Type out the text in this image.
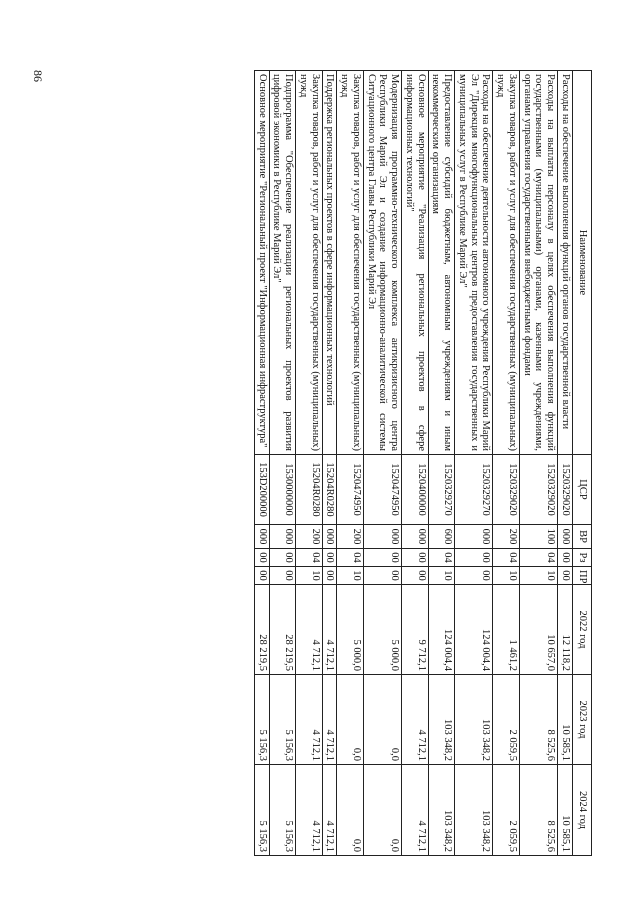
86
Наименование	ЦСР	ВР	Рз	ПР	2022 год	2023 год	2024 год
Расходы на обеспечение выполнения функций органов государственной власти	1520329020	000	00	00	12 118,2	10 585,1	10 585,1
Расходы на выплаты персоналу в целях обеспечения выполнения функций государственными (муниципальными) органами, казенными учреждениями, органами управления государственными внебюджетными фондами	1520329020	100	04	10	10 657,0	8 525,6	8 525,6
Закупка товаров, работ и услуг для обеспечения государственных (муниципальных) нужд	1520329020	200	04	10	1 461,2	2 059,5	2 059,5
Расходы на обеспечение деятельности автономного учреждения Республики Марий Эл "Дирекция многофункциональных центров предоставления государственных и муниципальных услуг в Республике Марий Эл"	1520329270	000	00	00	124 004,4	103 348,2	103 348,2
Предоставление субсидий бюджетным, автономным учреждениям и иным некоммерческим организациям	1520329270	600	04	10	124 004,4	103 348,2	103 348,2
Основное мероприятие "Реализация региональных проектов в сфере информационных технологий"	1520400000	000	00	00	9 712,1	4 712,1	4 712,1
Модернизация программно-технического комплекса антикризисного центра Республики Марий Эл и создание информационно-аналитической системы Ситуационного центра Главы Республики Марий Эл	1520474950	000	00	00	5 000,0	0,0	0,0
Закупка товаров, работ и услуг для обеспечения государственных (муниципальных) нужд	1520474950	200	04	10	5 000,0	0,0	0,0
Поддержка региональных проектов в сфере информационных технологий	15204R0280	000	00	00	4 712,1	4 712,1	4 712,1
Закупка товаров, работ и услуг для обеспечения государственных (муниципальных) нужд	15204R0280	200	04	10	4 712,1	4 712,1	4 712,1
Подпрограмма "Обеспечение реализации региональных проектов развития цифровой экономики в Республике Марий Эл"	1530000000	000	00	00	28 219,5	5 156,3	5 156,3
Основное мероприятие "Региональный проект "Информационная инфраструктура"	153D200000	000	00	00	28 219,5	5 156,3	5 156,3
